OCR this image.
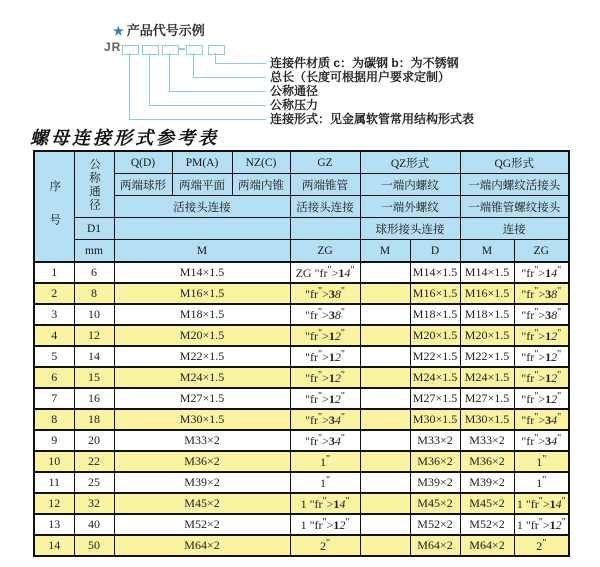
★ 产品代号示例
JR
连接件材质 c：为碳钢 b：为不锈钢
总长（长度可根据用户要求定制）
公称通径
公称压力
连接形式：见金属软管常用结构形式表
螺母连接形式参考表
序号	公称通径	Q(D)	PM(A)	NZ(C)	GZ	QZ形式		QG形式	
		两端球形	两端平面	两端内锥	两端锥管	一端内螺纹		一端内螺纹活接头	
		活接头连接			活接头连接	一端外螺纹		一端锥管螺纹接头	
	D1					球形接头连接		连接	
	mm	M			ZG	M	D	M	ZG
1	6	M14×1.5			ZG "fr">14"		M14×1.5	M14×1.5	"fr">14"
2	8	M16×1.5			"fr">38"		M16×1.5	M16×1.5	"fr">38"
3	10	M18×1.5			"fr">38"		M18×1.5	M18×1.5	"fr">38"
4	12	M20×1.5			"fr">12"		M20×1.5	M20×1.5	"fr">12"
5	14	M22×1.5			"fr">12"		M22×1.5	M22×1.5	"fr">12"
6	15	M24×1.5			"fr">12"		M24×1.5	M24×1.5	"fr">12"
7	16	M27×1.5			"fr">12"		M27×1.5	M27×1.5	"fr">12"
8	18	M30×1.5			"fr">34"		M30×1.5	M30×1.5	"fr">34"
9	20	M33×2			"fr">34"		M33×2	M33×2	"fr">34"
10	22	M36×2			1"		M36×2	M36×2	1"
11	25	M39×2			1"		M39×2	M39×2	1"
12	32	M45×2			1 "fr">14"		M45×2	M45×2	1 "fr">14"
13	40	M52×2			1 "fr">12"		M52×2	M52×2	1 "fr">12"
14	50	M64×2			2"		M64×2	M64×2	2"
